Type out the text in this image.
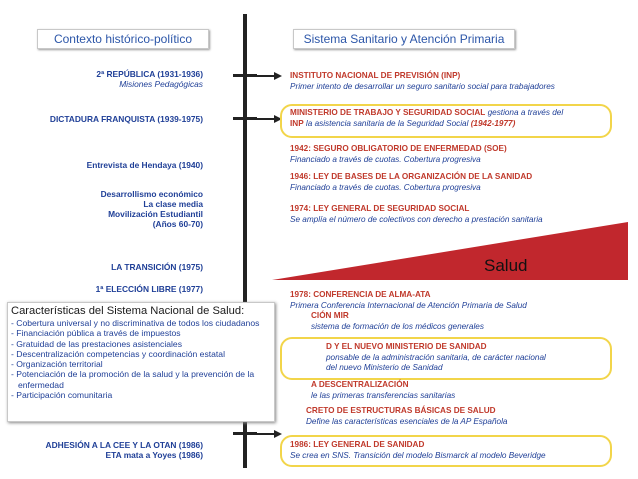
Contexto histórico-político	Sistema Sanitario y Atención Primaria
Salud
2ª REPÚBLICA (1931-1936)
Misiones Pedagógicas
DICTADURA FRANQUISTA (1939-1975)
Entrevista de Hendaya (1940)
Desarrollismo económico
La clase media
Movilización Estudiantil
(Años 60-70)
LA TRANSICIÓN (1975)
1ª ELECCIÓN LIBRE (1977)
ADHESIÓN A LA CEE Y LA OTAN (1986)
ETA mata a Yoyes (1986)
INSTITUTO NACIONAL DE PREVISIÓN (INP)
Primer intento de desarrollar un seguro sanitario social para trabajadores
MINISTERIO DE TRABAJO Y SEGURIDAD SOCIAL gestiona a través del
INP la asistencia sanitaria de la Seguridad Social (1942-1977)
1942: SEGURO OBLIGATORIO DE ENFERMEDAD (SOE)
Financiado a través de cuotas. Cobertura progresiva
1946: LEY DE BASES DE LA ORGANIZACIÓN DE LA SANIDAD
Financiado a través de cuotas. Cobertura progresiva
1974: LEY GENERAL DE SEGURIDAD SOCIAL
Se amplía el número de colectivos con derecho a prestación sanitaria
1978: CONFERENCIA DE ALMA-ATA
Primera Conferencia Internacional de Atención Primaria de Salud
CIÓN MIR
sistema de formación de los médicos generales
D Y EL NUEVO MINISTERIO DE SANIDAD
ponsable de la administración sanitaria, de carácter nacional
del nuevo Ministerio de Sanidad
A DESCENTRALIZACIÓN
le las primeras transferencias sanitarias
CRETO DE ESTRUCTURAS BÁSICAS DE SALUD
Define las características esenciales de la AP Española
1986: LEY GENERAL DE SANIDAD
Se crea en SNS. Transición del modelo Bismarck al modelo Beveridge
Características del Sistema Nacional de Salud:
- Cobertura universal y no discriminativa de todos los ciudadanos
- Financiación pública a través de impuestos
- Gratuidad de las prestaciones asistenciales
- Descentralización competencias y coordinación estatal
- Organización territorial
- Potenciación de la promoción de la salud y la prevención de la enfermedad
- Participación comunitaria
